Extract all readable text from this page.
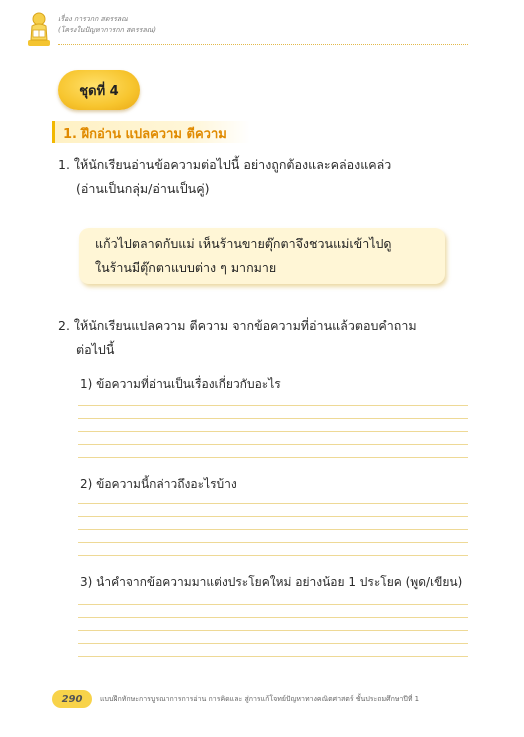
เรื่อง การวกก สตรรลณ
(โครงในปัญหาการกก สตรรลณ)
ชุดที่ 4
1. ฝึกอ่าน แปลความ ตีความ
1. ให้นักเรียนอ่านข้อความต่อไปนี้ อย่างถูกต้องและคล่องแคล่ว
(อ่านเป็นกลุ่ม/อ่านเป็นคู่)
แก้วไปตลาดกับแม่ เห็นร้านขายตุ๊กตาจึงชวนแม่เข้าไปดู
ในร้านมีตุ๊กตาแบบต่าง ๆ มากมาย
2. ให้นักเรียนแปลความ ตีความ จากข้อความที่อ่านแล้วตอบคำถาม
ต่อไปนี้
1) ข้อความที่อ่านเป็นเรื่องเกี่ยวกับอะไร
2) ข้อความนี้กล่าวถึงอะไรบ้าง
3) นำคำจากข้อความมาแต่งประโยคใหม่ อย่างน้อย 1 ประโยค (พูด/เขียน)
290	แบบฝึกทักษะการบูรณาการการอ่าน การคิดและ สู่การแก้โจทย์ปัญหาทางคณิตศาสตร์ ชั้นประถมศึกษาปีที่ 1
